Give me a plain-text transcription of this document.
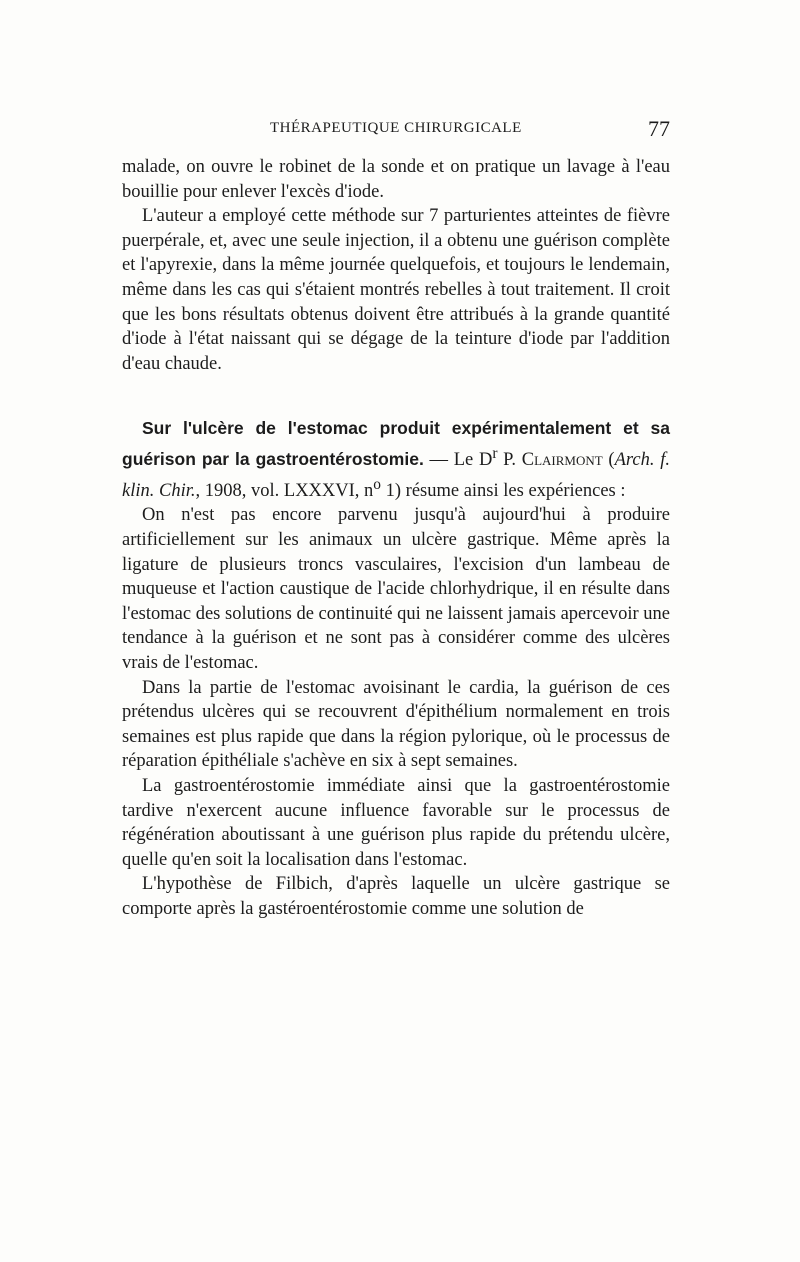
THÉRAPEUTIQUE CHIRURGICALE	77

malade, on ouvre le robinet de la sonde et on pratique un lavage à l'eau bouillie pour enlever l'excès d'iode.

L'auteur a employé cette méthode sur 7 parturientes atteintes de fièvre puerpérale, et, avec une seule injection, il a obtenu une guérison complète et l'apyrexie, dans la même journée quelquefois, et toujours le lendemain, même dans les cas qui s'étaient montrés rebelles à tout traitement. Il croit que les bons résultats obtenus doivent être attribués à la grande quantité d'iode à l'état naissant qui se dégage de la teinture d'iode par l'addition d'eau chaude.

Sur l'ulcère de l'estomac produit expérimentalement et sa guérison par la gastroentérostomie. — Le $D^r$ P. Clairmont (Arch. f. klin. Chir., 1908, vol. LXXXVI, $n^o$ 1) résume ainsi les expériences :

On n'est pas encore parvenu jusqu'à aujourd'hui à produire artificiellement sur les animaux un ulcère gastrique. Même après la ligature de plusieurs troncs vasculaires, l'excision d'un lambeau de muqueuse et l'action caustique de l'acide chlorhydrique, il en résulte dans l'estomac des solutions de continuité qui ne laissent jamais apercevoir une tendance à la guérison et ne sont pas à considérer comme des ulcères vrais de l'estomac.

Dans la partie de l'estomac avoisinant le cardia, la guérison de ces prétendus ulcères qui se recouvrent d'épithélium normalement en trois semaines est plus rapide que dans la région pylorique, où le processus de réparation épithéliale s'achève en six à sept semaines.

La gastroentérostomie immédiate ainsi que la gastroentérostomie tardive n'exercent aucune influence favorable sur le processus de régénération aboutissant à une guérison plus rapide du prétendu ulcère, quelle qu'en soit la localisation dans l'estomac.

L'hypothèse de Filbich, d'après laquelle un ulcère gastrique se comporte après la gastéroentérostomie comme une solution de
